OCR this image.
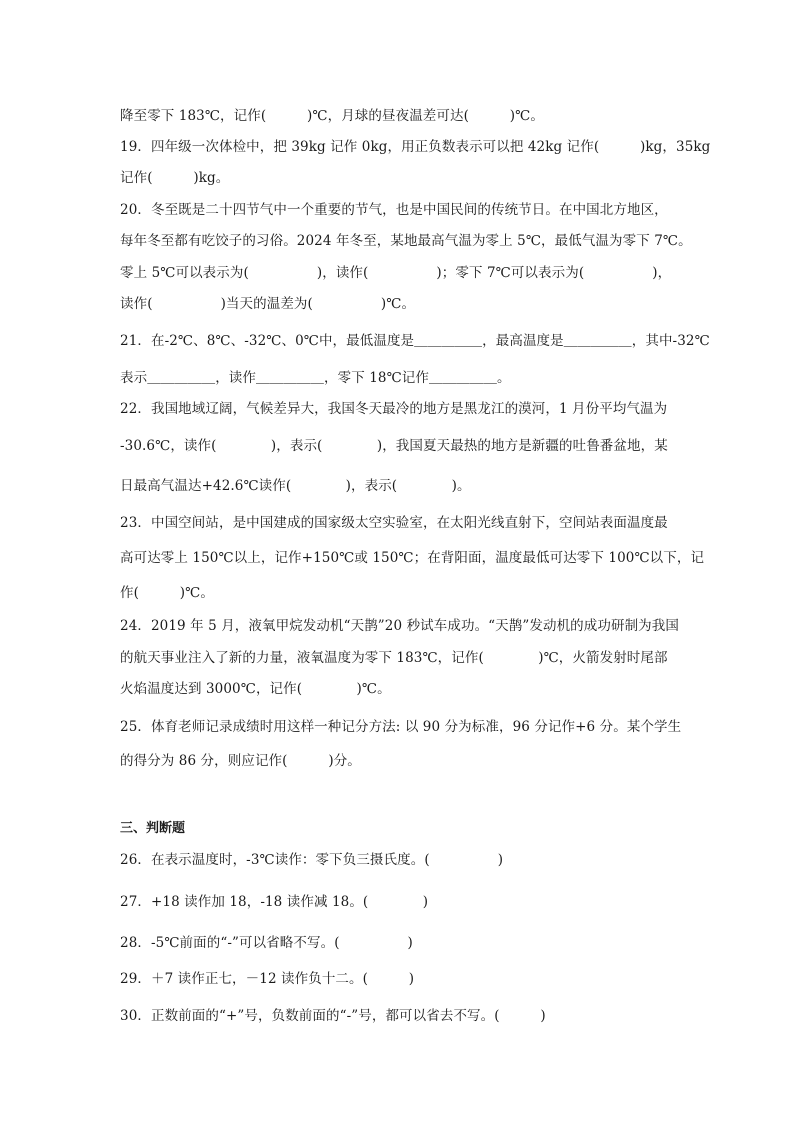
降至零下 183℃，记作(　　　)℃，月球的昼夜温差可达(　　　)℃。
19．四年级一次体检中，把 39kg 记作 0kg，用正负数表示可以把 42kg 记作(　　　)kg，35kg
记作(　　　)kg。
20．冬至既是二十四节气中一个重要的节气，也是中国民间的传统节日。在中国北方地区，
每年冬至都有吃饺子的习俗。2024 年冬至，某地最高气温为零上 5℃，最低气温为零下 7℃。
零上 5℃可以表示为(　　　　　)，读作(　　　　　)；零下 7℃可以表示为(　　　　　)，
读作(　　　　　)当天的温差为(　　　　　)℃。
21．在-2℃、8℃、-32℃、0℃中，最低温度是＿＿＿＿＿，最高温度是＿＿＿＿＿，其中-32℃
表示＿＿＿＿＿，读作＿＿＿＿＿，零下 18℃记作＿＿＿＿＿。
22．我国地域辽阔，气候差异大，我国冬天最冷的地方是黑龙江的漠河，1 月份平均气温为
-30.6℃，读作(　　　　)，表示(　　　　)，我国夏天最热的地方是新疆的吐鲁番盆地，某
日最高气温达+42.6℃读作(　　　　)，表示(　　　　)。
23．中国空间站，是中国建成的国家级太空实验室，在太阳光线直射下，空间站表面温度最
高可达零上 150℃以上，记作+150℃或 150℃；在背阳面，温度最低可达零下 100℃以下，记
作(　　　)℃。
24．2019 年 5 月，液氧甲烷发动机“天鹊”20 秒试车成功。“天鹊”发动机的成功研制为我国
的航天事业注入了新的力量，液氧温度为零下 183℃，记作(　　　　)℃，火箭发射时尾部
火焰温度达到 3000℃，记作(　　　　)℃。
25．体育老师记录成绩时用这样一种记分方法: 以 90 分为标准，96 分记作+6 分。某个学生
的得分为 86 分，则应记作(　　　)分。
三、判断题
26．在表示温度时，-3℃读作：零下负三摄氏度。(　　　　　)
27．+18 读作加 18，-18 读作减 18。(　　　　)
28．-5℃前面的“-”可以省略不写。(　　　　　)
29．＋7 读作正七，－12 读作负十二。(　　　)
30．正数前面的“+”号，负数前面的“-”号，都可以省去不写。(　　　)
